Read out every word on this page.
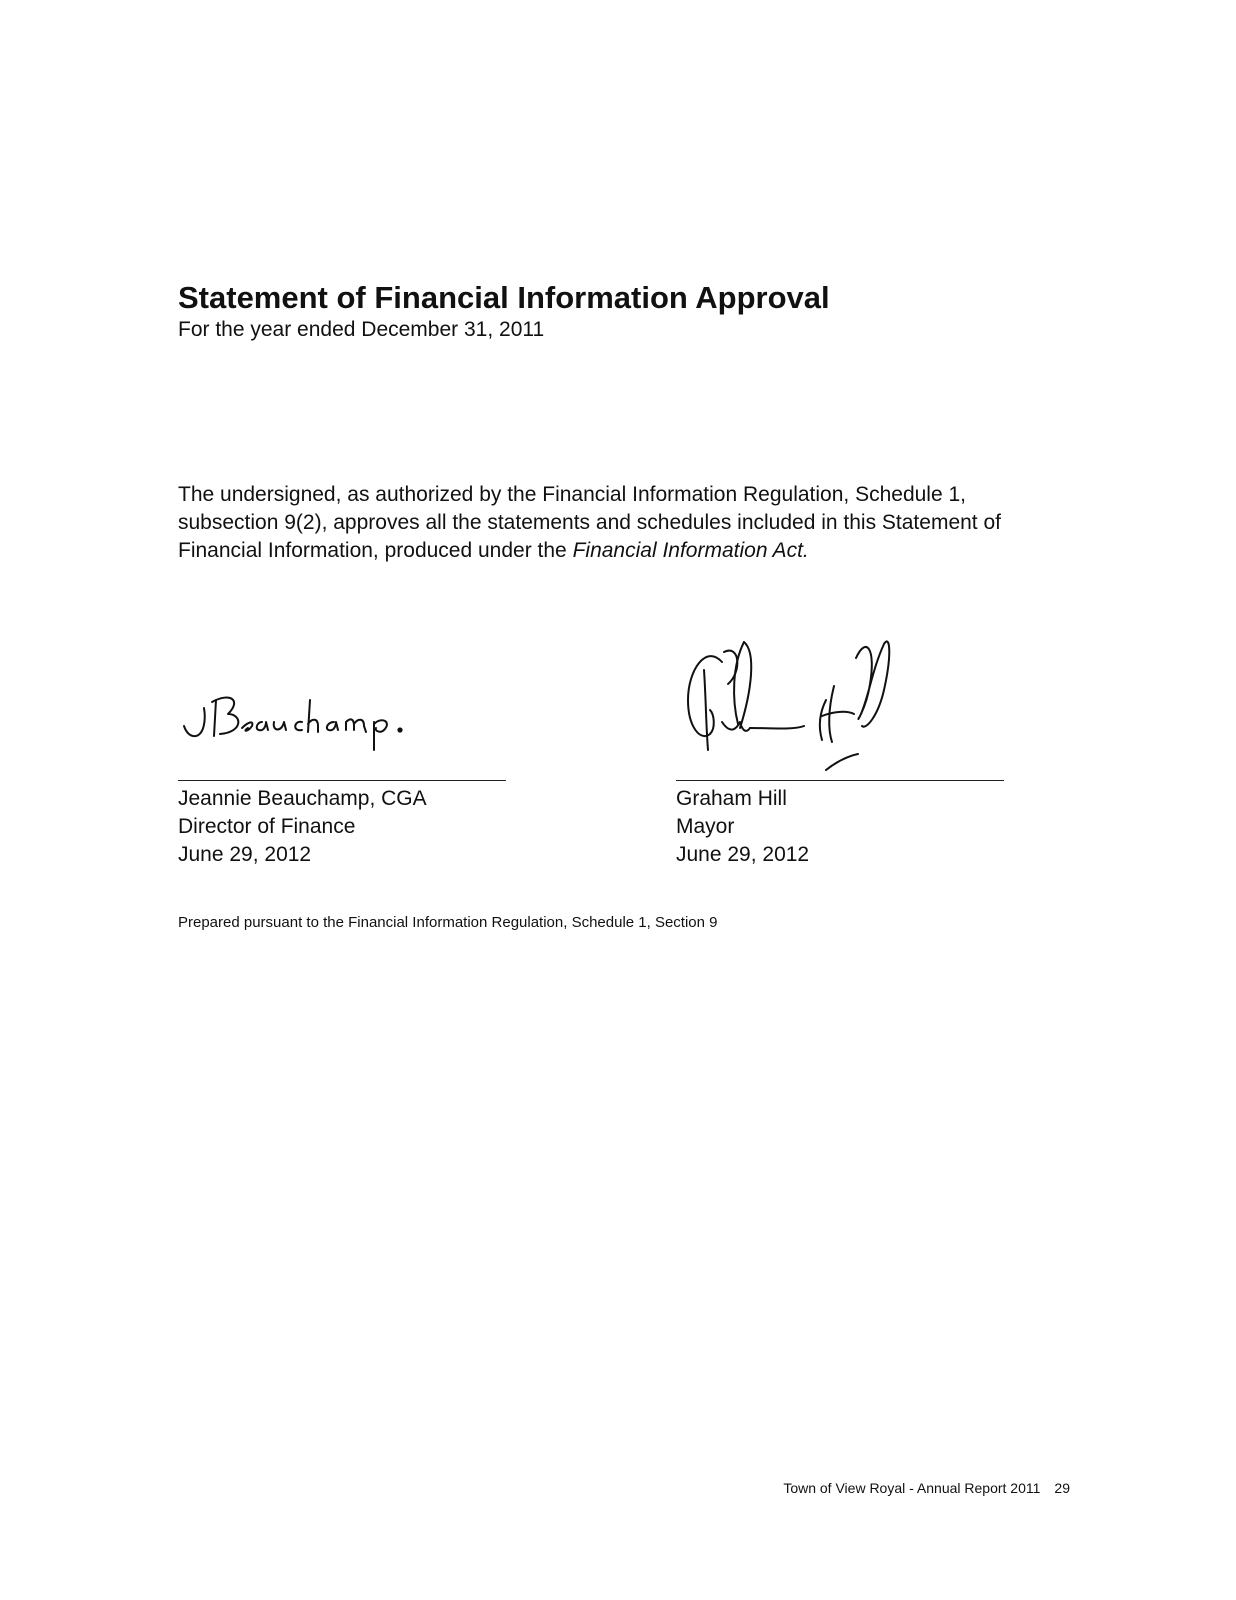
Statement of Financial Information Approval

For the year ended December 31, 2011

The undersigned, as authorized by the Financial Information Regulation, Schedule 1, subsection 9(2), approves all the statements and schedules included in this Statement of Financial Information, produced under the Financial Information Act.

Jeannie Beauchamp, CGA
Director of Finance
June 29, 2012
Graham Hill
Mayor
June 29, 2012

Prepared pursuant to the Financial Information Regulation, Schedule 1, Section 9

Town of View Royal - Annual Report 2011 29
